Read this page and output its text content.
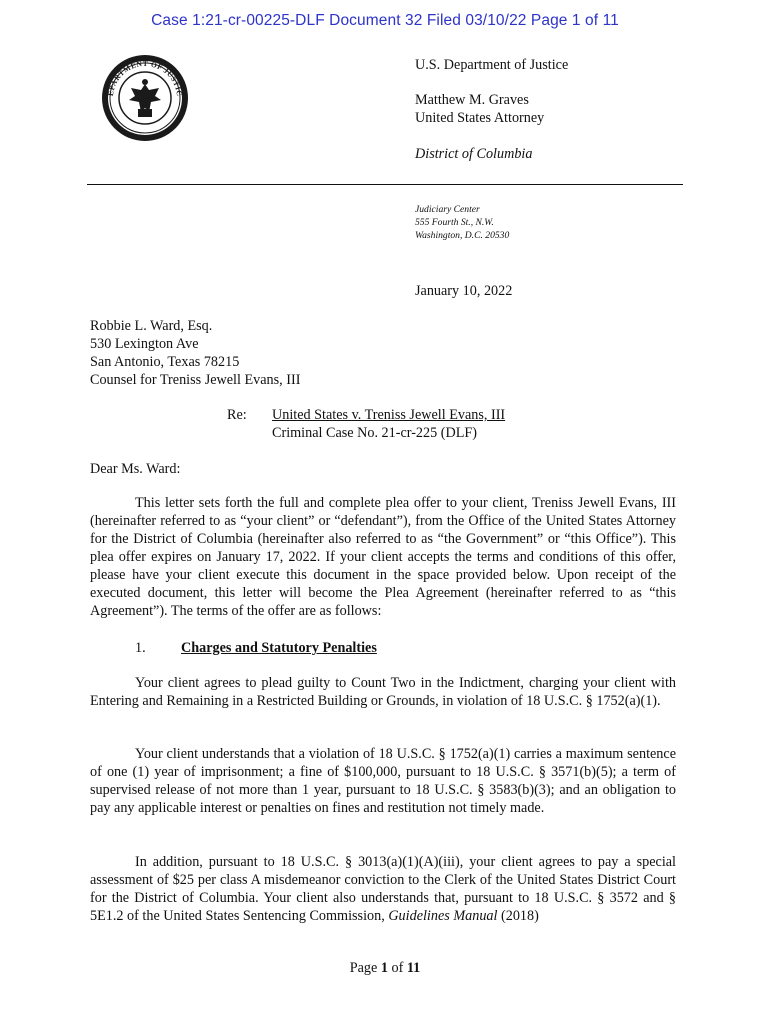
Case 1:21-cr-00225-DLF Document 32 Filed 03/10/22 Page 1 of 11
EPARTMENT OF JUSTIC
U.S. Department of Justice
Matthew M. Graves
United States Attorney
District of Columbia
Judiciary Center
555 Fourth St., N.W.
Washington, D.C. 20530
January 10, 2022
Robbie L. Ward, Esq.
530 Lexington Ave
San Antonio, Texas 78215
Counsel for Treniss Jewell Evans, III
Re: United States v. Treniss Jewell Evans, III
Criminal Case No. 21-cr-225 (DLF)
Dear Ms. Ward:

This letter sets forth the full and complete plea offer to your client, Treniss Jewell Evans, III (hereinafter referred to as “your client” or “defendant”), from the Office of the United States Attorney for the District of Columbia (hereinafter also referred to as “the Government” or “this Office”). This plea offer expires on January 17, 2022. If your client accepts the terms and conditions of this offer, please have your client execute this document in the space provided below. Upon receipt of the executed document, this letter will become the Plea Agreement (hereinafter referred to as “this Agreement”). The terms of the offer are as follows:

1. Charges and Statutory Penalties

Your client agrees to plead guilty to Count Two in the Indictment, charging your client with Entering and Remaining in a Restricted Building or Grounds, in violation of 18 U.S.C. § 1752(a)(1).

Your client understands that a violation of 18 U.S.C. § 1752(a)(1) carries a maximum sentence of one (1) year of imprisonment; a fine of $100,000, pursuant to 18 U.S.C. § 3571(b)(5); a term of supervised release of not more than 1 year, pursuant to 18 U.S.C. § 3583(b)(3); and an obligation to pay any applicable interest or penalties on fines and restitution not timely made.

In addition, pursuant to 18 U.S.C. § 3013(a)(1)(A)(iii), your client agrees to pay a special assessment of $25 per class A misdemeanor conviction to the Clerk of the United States District Court for the District of Columbia. Your client also understands that, pursuant to 18 U.S.C. § 3572 and § 5E1.2 of the United States Sentencing Commission, Guidelines Manual (2018)

Page 1 of 11
